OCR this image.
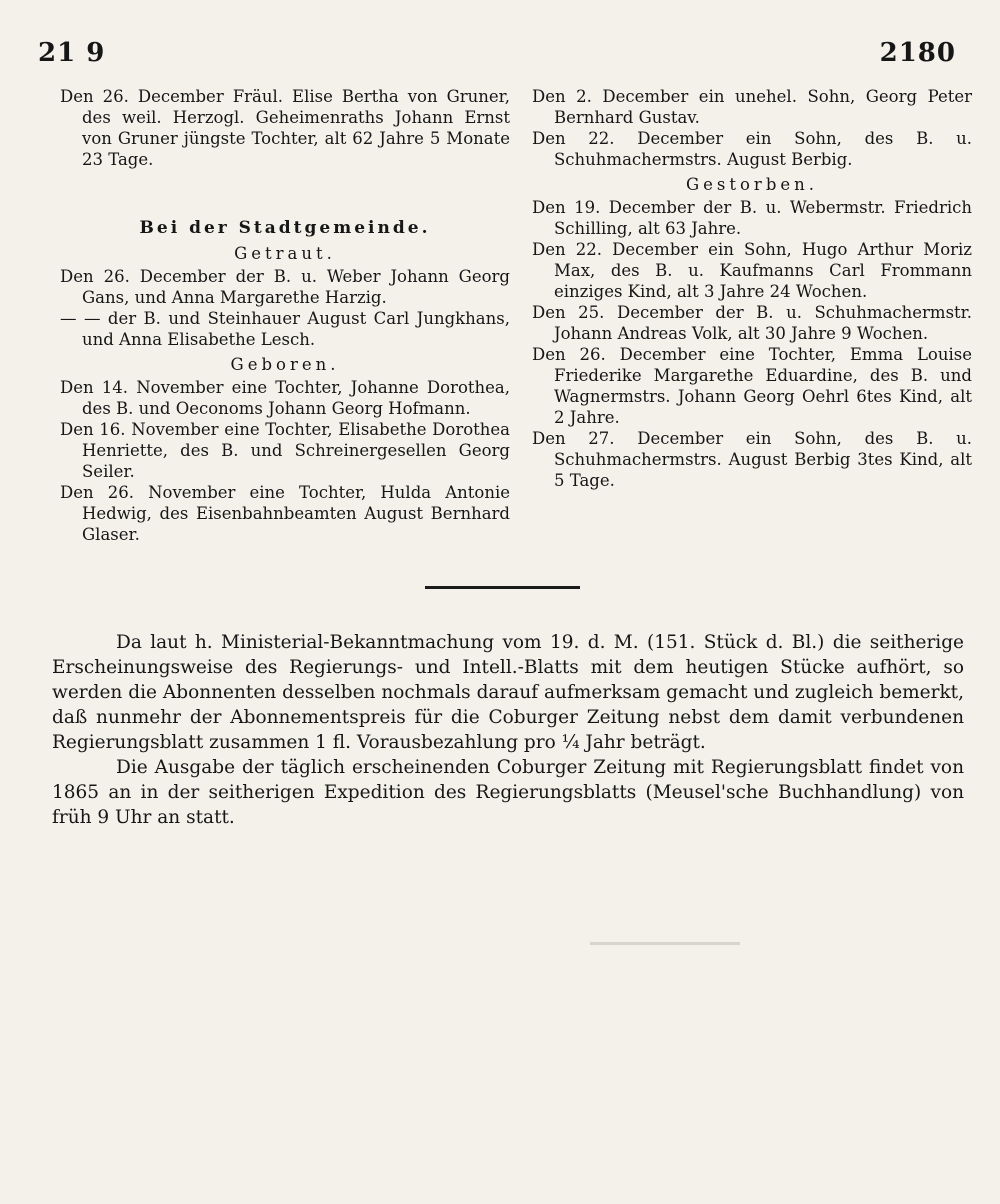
21 9	2180
Den 26. December Fräul. Elise Bertha von Gruner, des weil. Herzogl. Geheimenraths Johann Ernst von Gruner jüngste Tochter, alt 62 Jahre 5 Monate 23 Tage.
Bei der Stadtgemeinde.
Getraut.
Den 26. December der B. u. Weber Johann Georg Gans, und Anna Margarethe Harzig.
— — der B. und Steinhauer August Carl Jungkhans, und Anna Elisabethe Lesch.
Geboren.
Den 14. November eine Tochter, Johanne Dorothea, des B. und Oeconoms Johann Georg Hofmann.
Den 16. November eine Tochter, Elisabethe Dorothea Henriette, des B. und Schreinergesellen Georg Seiler.
Den 26. November eine Tochter, Hulda Antonie Hedwig, des Eisenbahnbeamten August Bernhard Glaser.
Den 2. December ein unehel. Sohn, Georg Peter Bernhard Gustav.
Den 22. December ein Sohn, des B. u. Schuhmachermstrs. August Berbig.
Gestorben.
Den 19. December der B. u. Webermstr. Friedrich Schilling, alt 63 Jahre.
Den 22. December ein Sohn, Hugo Arthur Moriz Max, des B. u. Kaufmanns Carl Frommann einziges Kind, alt 3 Jahre 24 Wochen.
Den 25. December der B. u. Schuhmachermstr. Johann Andreas Volk, alt 30 Jahre 9 Wochen.
Den 26. December eine Tochter, Emma Louise Friederike Margarethe Eduardine, des B. und Wagnermstrs. Johann Georg Oehrl 6tes Kind, alt 2 Jahre.
Den 27. December ein Sohn, des B. u. Schuhmachermstrs. August Berbig 3tes Kind, alt 5 Tage.

Da laut h. Ministerial-Bekanntmachung vom 19. d. M. (151. Stück d. Bl.) die seitherige Erscheinungsweise des Regierungs- und Intell.-Blatts mit dem heutigen Stücke aufhört, so werden die Abonnenten desselben nochmals darauf aufmerksam gemacht und zugleich bemerkt, daß nunmehr der Abonnementspreis für die Coburger Zeitung nebst dem damit verbundenen Regierungsblatt zusammen 1 fl. Vorausbezahlung pro ¼ Jahr beträgt.

Die Ausgabe der täglich erscheinenden Coburger Zeitung mit Regierungsblatt findet von 1865 an in der seitherigen Expedition des Regierungsblatts (Meusel'sche Buchhandlung) von früh 9 Uhr an statt.
